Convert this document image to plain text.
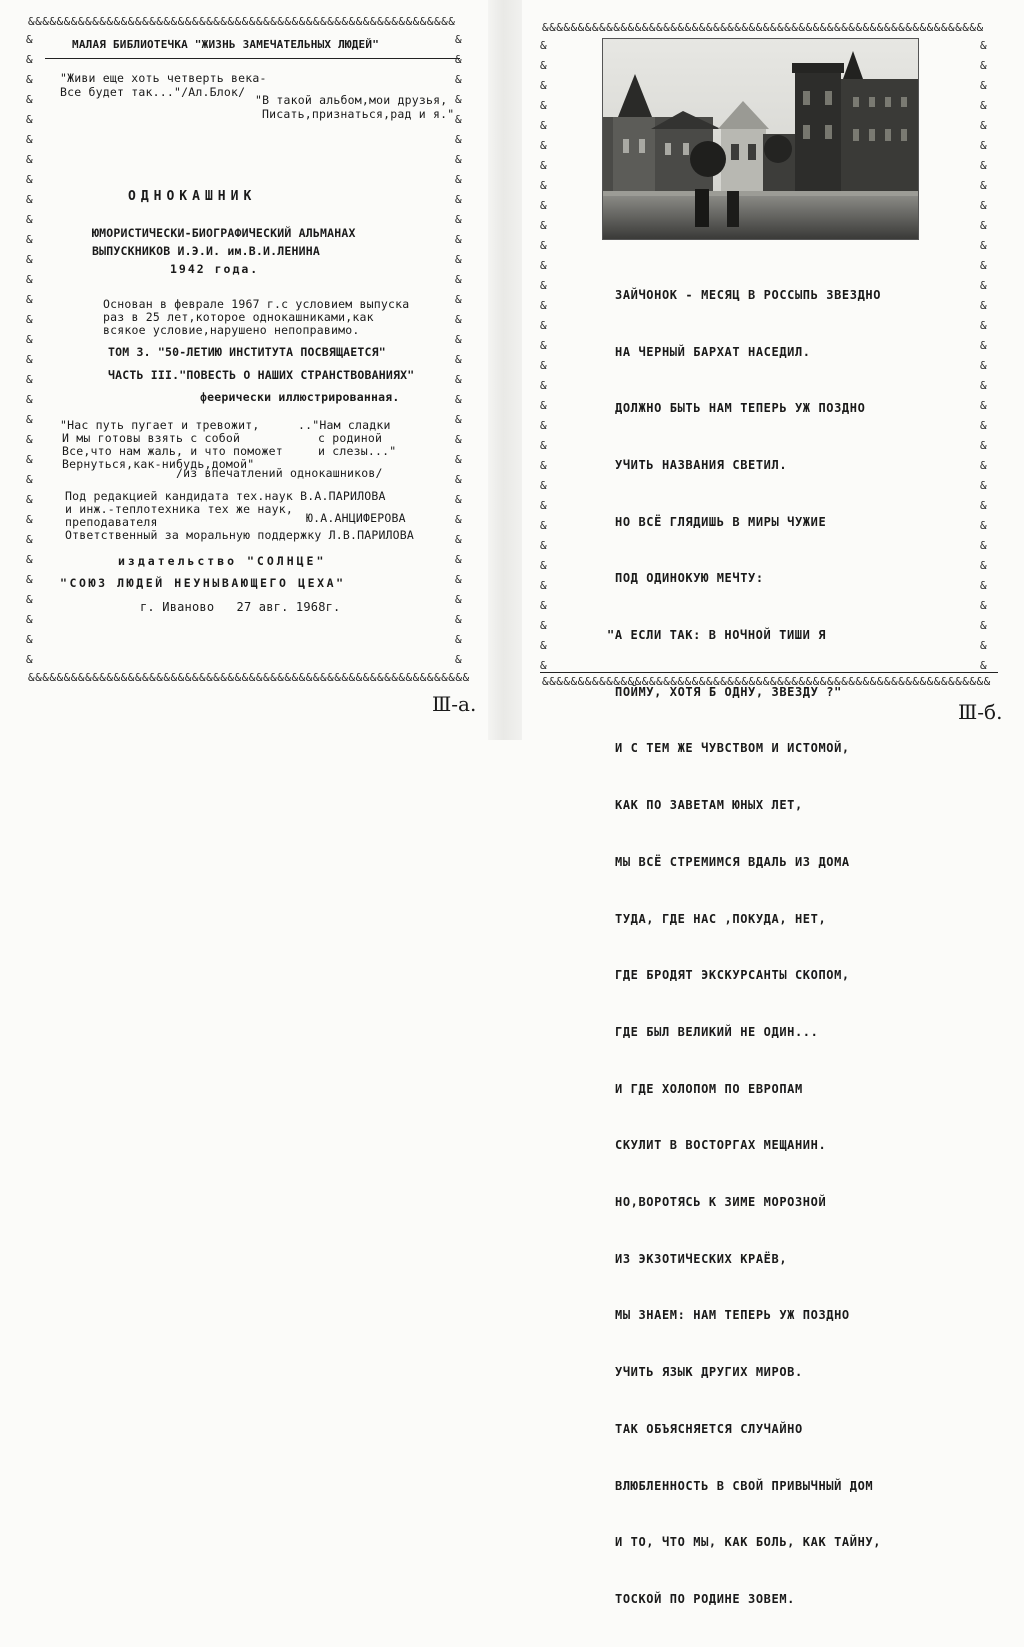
&&&&&&&&&&&&&&&&&&&&&&&&&&&&&&&&&&&&&&&&&&&&&&&&&&&&&&&&&&&&
&&&&&&&&&&&&&&&&&&&&&&&&&&&&&&&&&&&&&&&&&&&&&&&&&&&&&&&&&&&&&&
&
&
&
&
&
&
&
&
&
&
&
&
&
&
&
&
&
&
&
&
&
&
&
&
&
&
&
&
&
&
&
&
&
&
&
&
&
&
&
&
&
&
&
&
&
&
&
&
&
&
&
&
&
&
&
&
&
&
&
&
&
&
&
&
МАЛАЯ БИБЛИОТЕЧКА "ЖИЗНЬ ЗАМЕЧАТЕЛЬНЫХ ЛЮДЕЙ"
"Живи еще хоть четверть века-
Все будет так..."/Ал.Блок/
"В такой альбом,мои друзья,
Писать,признаться,рад и я."
ОДНОКАШНИК
ЮМОРИСТИЧЕСКИ-БИОГРАФИЧЕСКИЙ АЛЬМАНАХ
ВЫПУСКНИКОВ И.Э.И. им.В.И.ЛЕНИНА
1942 года.
Основан в феврале 1967 г.с условием выпуска
раз в 25 лет,которое однокашниками,как
всякое условие,нарушено непоправимо.
ТОМ 3. "50-ЛЕТИЮ ИНСТИТУТА ПОСВЯЩАЕТСЯ"
ЧАСТЬ III."ПОВЕСТЬ О НАШИХ СТРАНСТВОВАНИЯХ"
феерически иллюстрированная.
"Нас путь пугает и тревожит,
И мы готовы взять с собой
Все,что нам жаль, и что поможет
Вернуться,как-нибудь,домой"
.."Нам сладки
с родиной
и слезы..."
/из впечатлений однокашников/
Под редакцией кандидата тех.наук В.А.ПАРИЛОВА
и инж.-теплотехника тех же наук,
Ю.А.АНЦИФЕРОВА
преподавателя
Ответственный за моральную поддержку Л.В.ПАРИЛОВА
издательство "СОЛНЦЕ"
"СОЮЗ ЛЮДЕЙ НЕУНЫВАЮЩЕГО ЦЕХА"
г. Иваново   27 авг. 1968г.
Ⅲ-а.
&&&&&&&&&&&&&&&&&&&&&&&&&&&&&&&&&&&&&&&&&&&&&&&&&&&&&&&&&&&&&&
&&&&&&&&&&&&&&&&&&&&&&&&&&&&&&&&&&&&&&&&&&&&&&&&&&&&&&&&&&&&&&&
&
&
&
&
&
&
&
&
&
&
&
&
&
&
&
&
&
&
&
&
&
&
&
&
&
&
&
&
&
&
&
&
&
&
&
&
&
&
&
&
&
&
&
&
&
&
&
&
&
&
&
&
&
&
&
&
&
&
&
&
&
&
&
&

ЗАЙЧОНОК - МЕСЯЦ В РОССЫПЬ ЗВЕЗДНО

НА ЧЕРНЫЙ БАРХАТ НАСЕДИЛ.

ДОЛЖНО БЫТЬ НАМ ТЕПЕРЬ УЖ ПОЗДНО

УЧИТЬ НАЗВАНИЯ СВЕТИЛ.

НО ВСЁ ГЛЯДИШЬ В МИРЫ ЧУЖИЕ

ПОД ОДИНОКУЮ МЕЧТУ:

"А ЕСЛИ ТАК: В НОЧНОЙ ТИШИ Я

ПОЙМУ, ХОТЯ Б ОДНУ, ЗВЕЗДУ ?"

И С ТЕМ ЖЕ ЧУВСТВОМ И ИСТОМОЙ,

КАК ПО ЗАВЕТАМ ЮНЫХ ЛЕТ,

МЫ ВСЁ СТРЕМИМСЯ ВДАЛЬ ИЗ ДОМА

ТУДА, ГДЕ НАС ,ПОКУДА, НЕТ,

ГДЕ БРОДЯТ ЭКСКУРСАНТЫ СКОПОМ,

ГДЕ БЫЛ ВЕЛИКИЙ НЕ ОДИН...

И ГДЕ ХОЛОПОМ ПО ЕВРОПАМ

СКУЛИТ В ВОСТОРГАХ МЕЩАНИН.

НО,ВОРОТЯСЬ К ЗИМЕ МОРОЗНОЙ

ИЗ ЭКЗОТИЧЕСКИХ КРАЁВ,

МЫ ЗНАЕМ: НАМ ТЕПЕРЬ УЖ ПОЗДНО

УЧИТЬ ЯЗЫК ДРУГИХ МИРОВ.

ТАК ОБЪЯСНЯЕТСЯ СЛУЧАЙНО

ВЛЮБЛЕННОСТЬ В СВОЙ ПРИВЫЧНЫЙ ДОМ

И ТО, ЧТО МЫ, КАК БОЛЬ, КАК ТАЙНУ,

ТОСКОЙ ПО РОДИНЕ ЗОВЕМ.

Ⅲ-б.
